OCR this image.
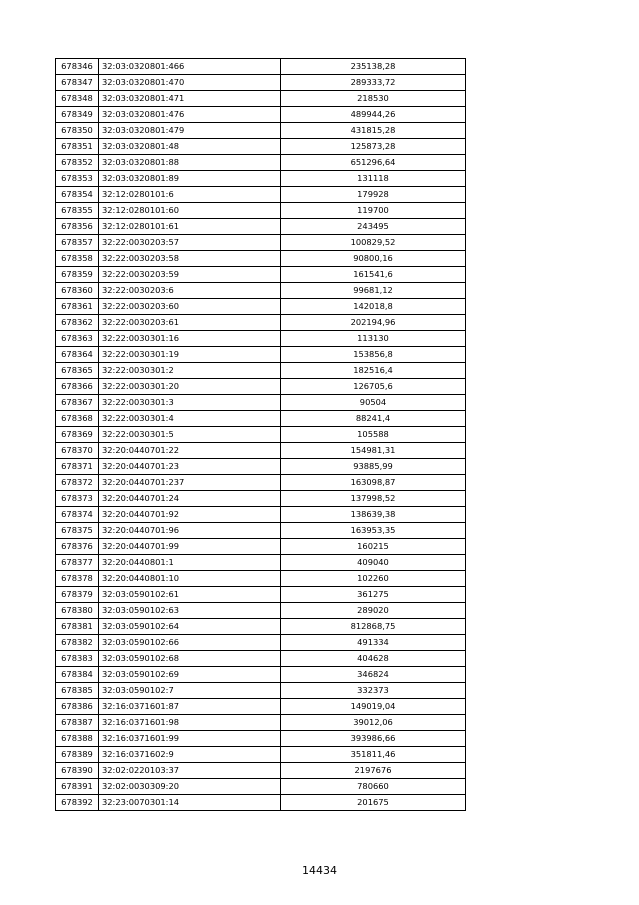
678346	32:03:0320801:466	235138,28
678347	32:03:0320801:470	289333,72
678348	32:03:0320801:471	218530
678349	32:03:0320801:476	489944,26
678350	32:03:0320801:479	431815,28
678351	32:03:0320801:48	125873,28
678352	32:03:0320801:88	651296,64
678353	32:03:0320801:89	131118
678354	32:12:0280101:6	179928
678355	32:12:0280101:60	119700
678356	32:12:0280101:61	243495
678357	32:22:0030203:57	100829,52
678358	32:22:0030203:58	90800,16
678359	32:22:0030203:59	161541,6
678360	32:22:0030203:6	99681,12
678361	32:22:0030203:60	142018,8
678362	32:22:0030203:61	202194,96
678363	32:22:0030301:16	113130
678364	32:22:0030301:19	153856,8
678365	32:22:0030301:2	182516,4
678366	32:22:0030301:20	126705,6
678367	32:22:0030301:3	90504
678368	32:22:0030301:4	88241,4
678369	32:22:0030301:5	105588
678370	32:20:0440701:22	154981,31
678371	32:20:0440701:23	93885,99
678372	32:20:0440701:237	163098,87
678373	32:20:0440701:24	137998,52
678374	32:20:0440701:92	138639,38
678375	32:20:0440701:96	163953,35
678376	32:20:0440701:99	160215
678377	32:20:0440801:1	409040
678378	32:20:0440801:10	102260
678379	32:03:0590102:61	361275
678380	32:03:0590102:63	289020
678381	32:03:0590102:64	812868,75
678382	32:03:0590102:66	491334
678383	32:03:0590102:68	404628
678384	32:03:0590102:69	346824
678385	32:03:0590102:7	332373
678386	32:16:0371601:87	149019,04
678387	32:16:0371601:98	39012,06
678388	32:16:0371601:99	393986,66
678389	32:16:0371602:9	351811,46
678390	32:02:0220103:37	2197676
678391	32:02:0030309:20	780660
678392	32:23:0070301:14	201675
14434
